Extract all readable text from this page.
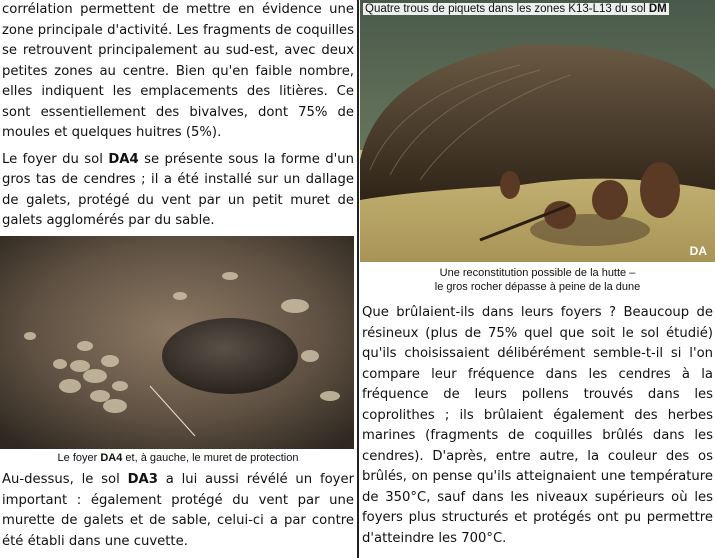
corrélation permettent de mettre en évidence une zone principale d'activité. Les fragments de coquilles se retrouvent principalement au sud-est, avec deux petites zones au centre. Bien qu'en faible nombre, elles indiquent les emplacements des litières. Ce sont essentiellement des bivalves, dont 75% de moules et quelques huitres (5%).

Le foyer du sol DA4 se présente sous la forme d'un gros tas de cendres ; il a été installé sur un dallage de galets, protégé du vent par un petit muret de galets agglomérés par du sable.

Le foyer DA4 et, à gauche, le muret de protection

Au-dessus, le sol DA3 a lui aussi révélé un foyer important : également protégé du vent par une murette de galets et de sable, celui-ci a par contre été établi dans une cuvette.

Quatre trous de piquets dans les zones K13-L13 du sol DM
DA

Une reconstitution possible de la hutte –
le gros rocher dépasse à peine de la dune

Que brûlaient-ils dans leurs foyers ? Beaucoup de résineux (plus de 75% quel que soit le sol étudié) qu'ils choisissaient délibérément semble-t-il si l'on compare leur fréquence dans les cendres à la fréquence de leurs pollens trouvés dans les coprolithes ; ils brûlaient également des herbes marines (fragments de coquilles brûlés dans les cendres). D'après, entre autre, la couleur des os brûlés, on pense qu'ils atteignaient une température de 350°C, sauf dans les niveaux supérieurs où les foyers plus structurés et protégés ont pu permettre d'atteindre les 700°C.
